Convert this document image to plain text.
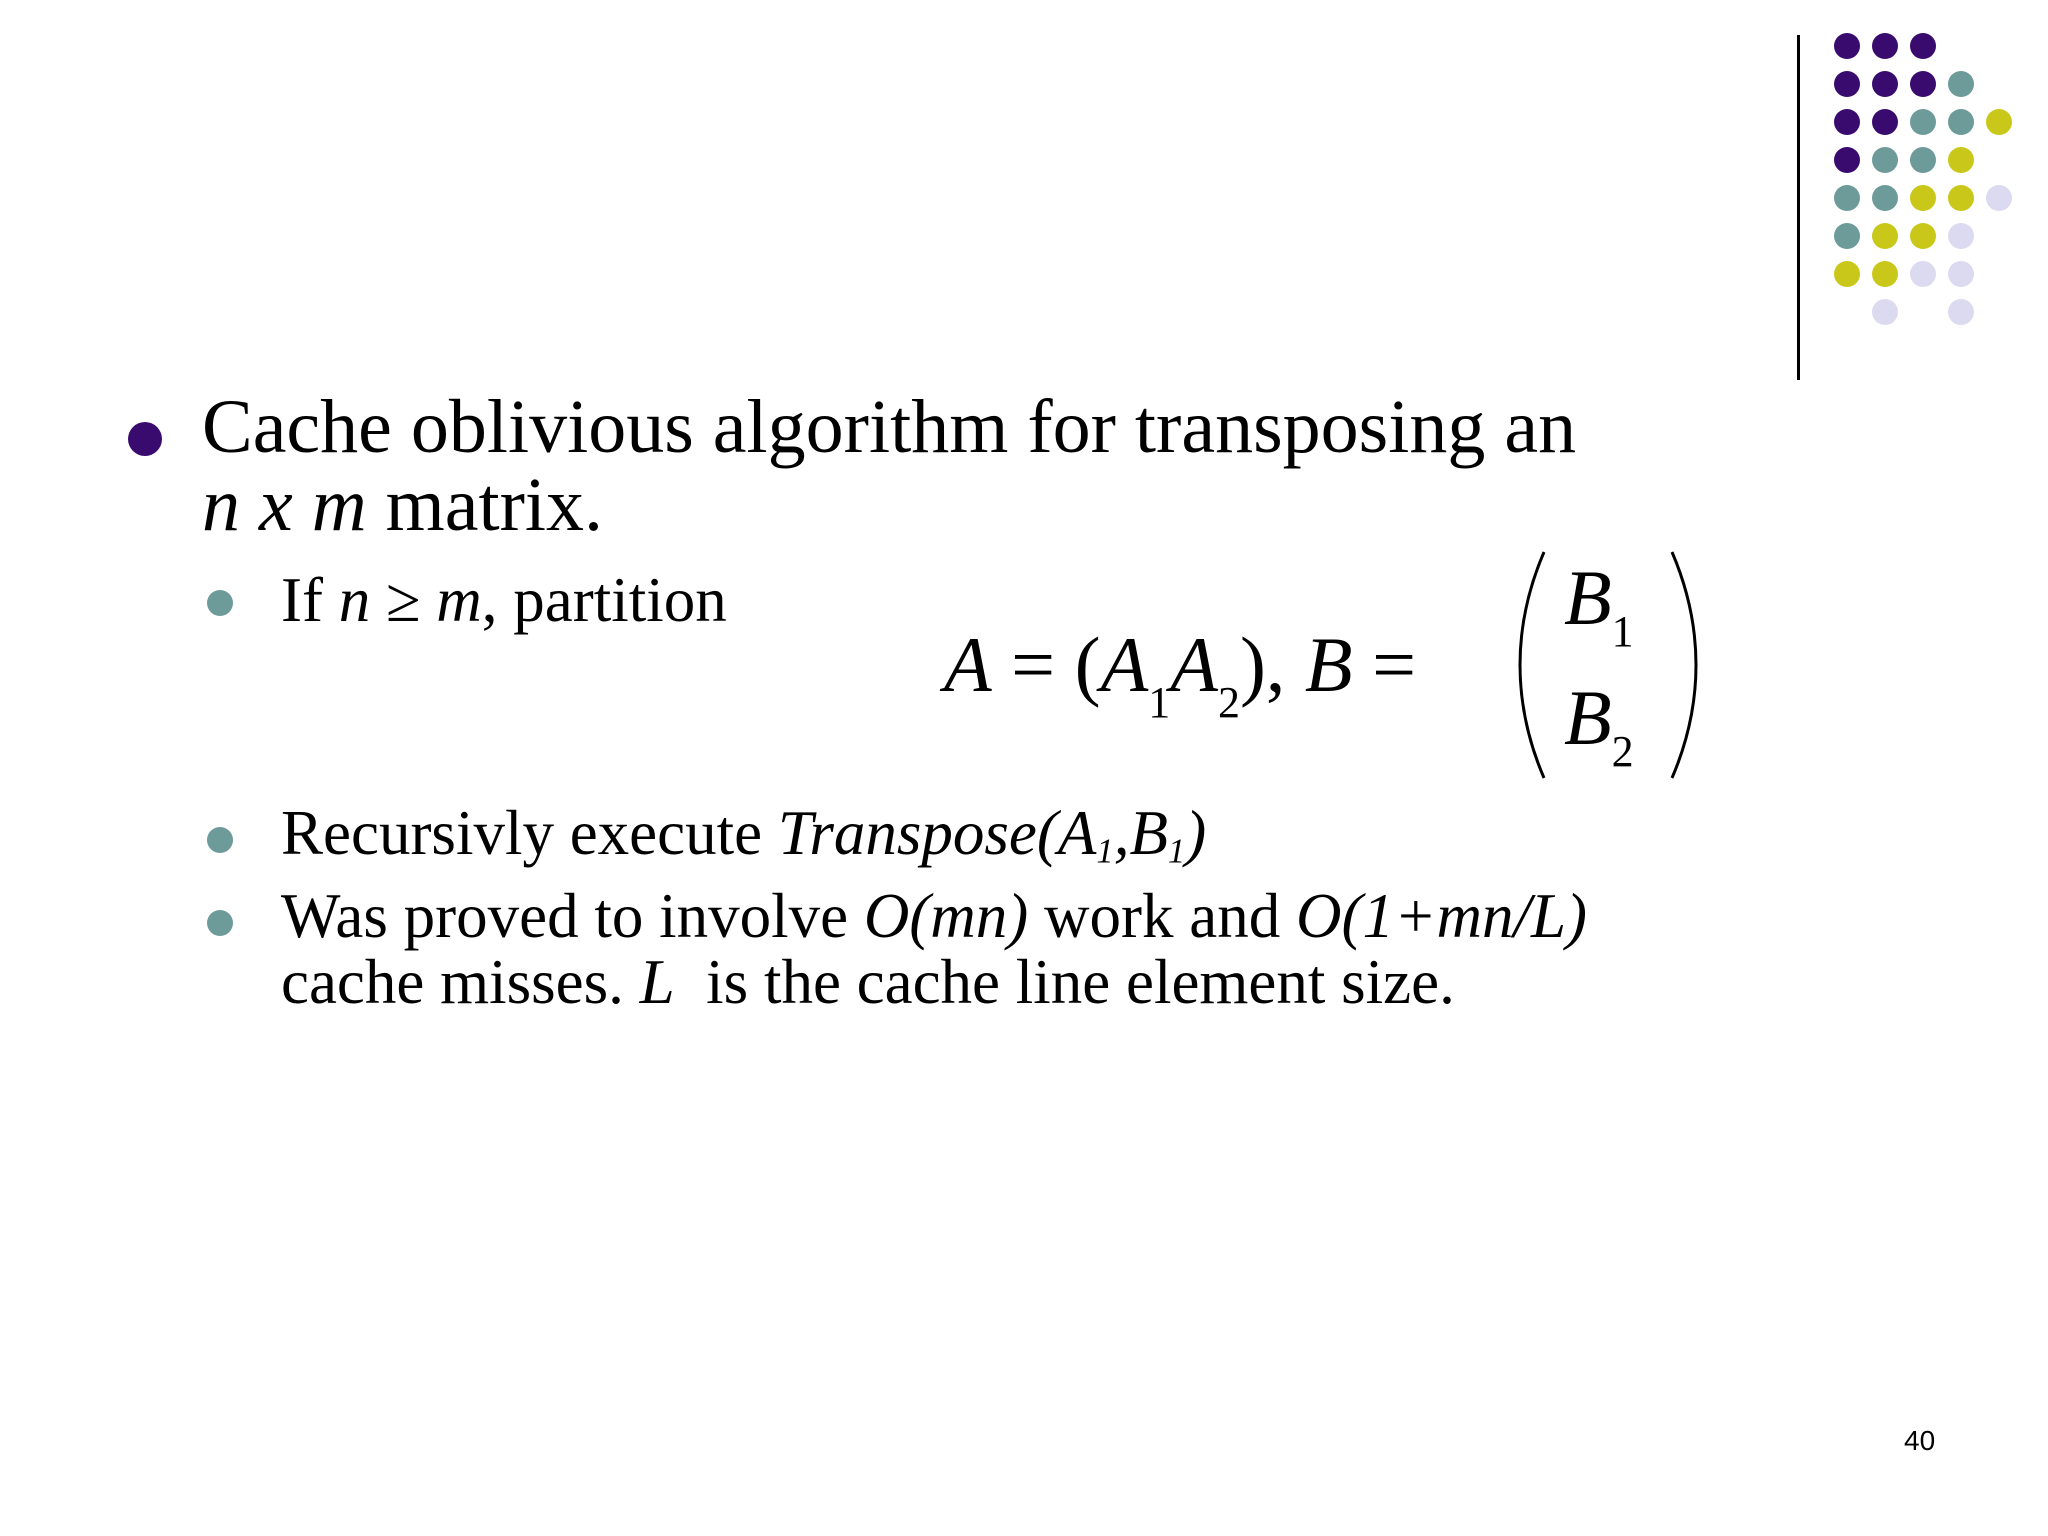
Cache oblivious algorithm for transposing an
n x m matrix.
If n ≥ m, partition
$A = (A_1A_2)$, B =
$B_1$
$B_2$
Recursivly execute $Transpose(A_1,B_1)$
Was proved to involve O(mn) work and O(1+mn/L)
cache misses. L  is the cache line element size.
40
